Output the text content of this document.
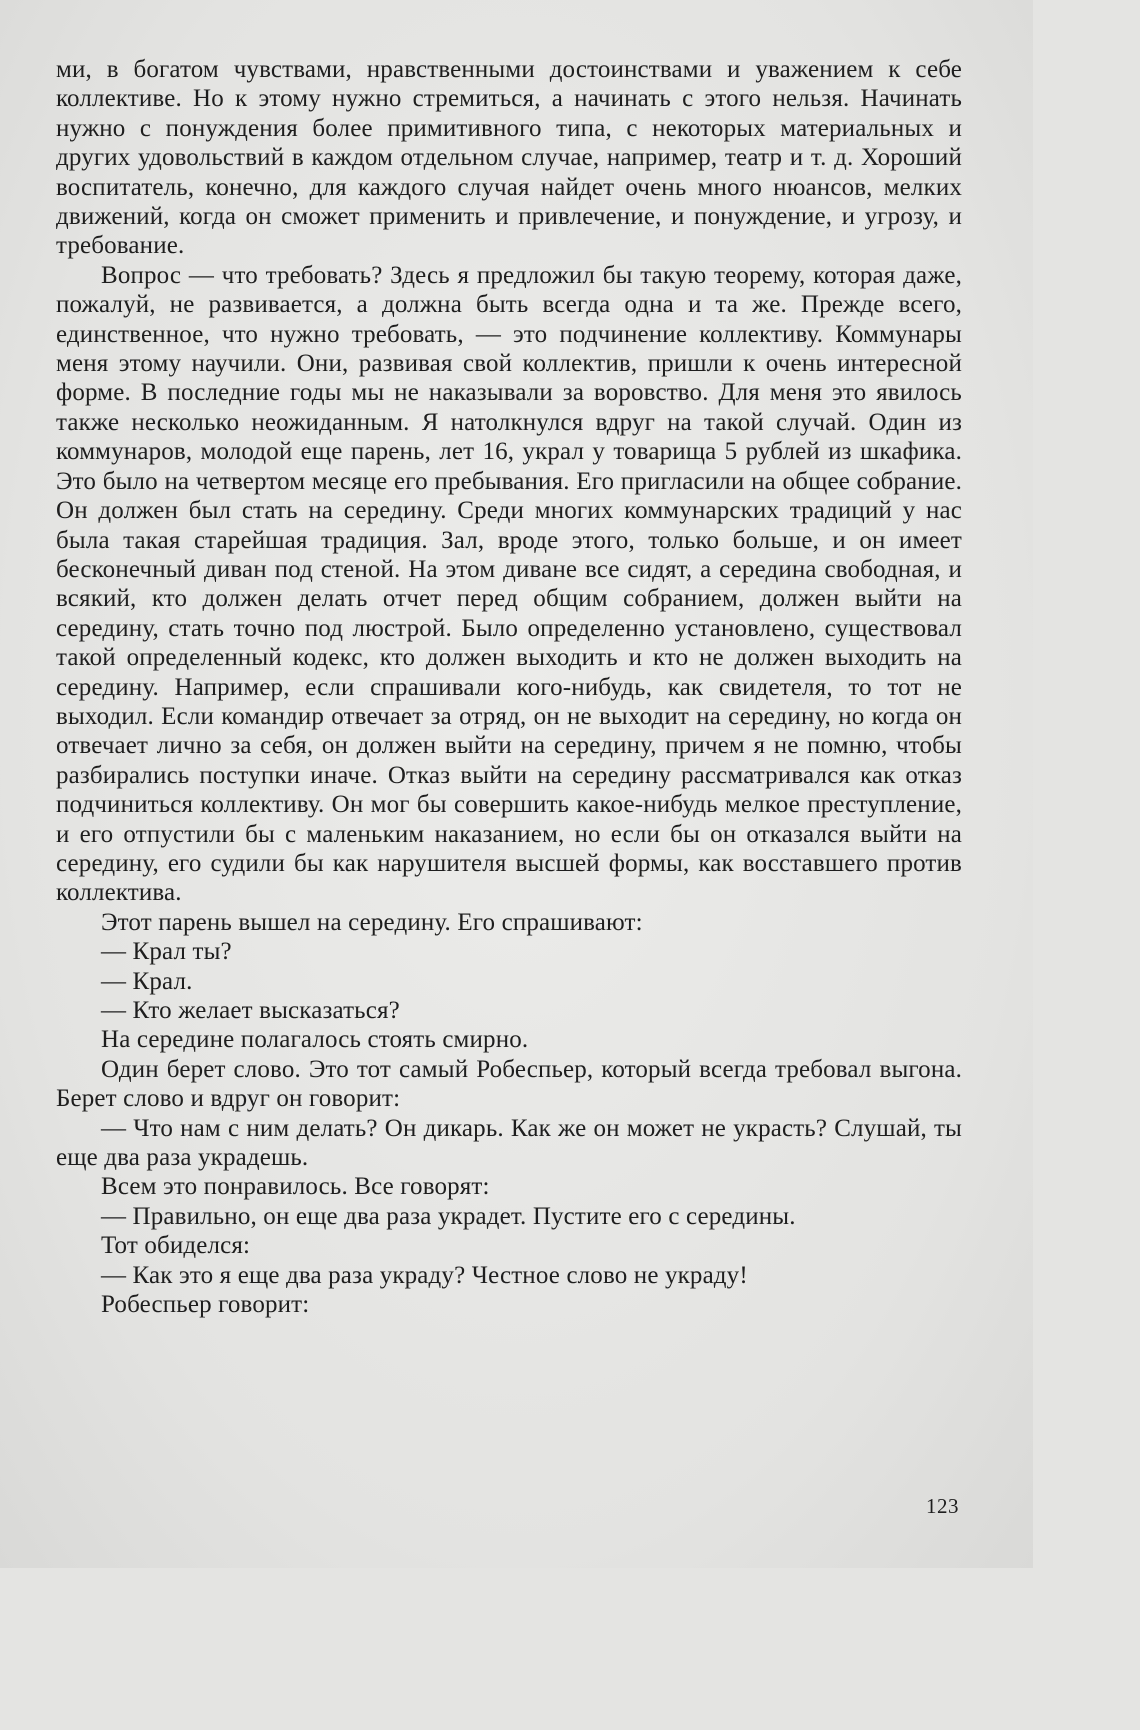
ми, в богатом чувствами, нравственными достоинствами и уважением к себе коллективе. Но к этому нужно стремиться, а начинать с этого нельзя. Начинать нужно с понуждения более примитивного типа, с некоторых материальных и других удовольствий в каждом отдельном случае, например, театр и т. д. Хороший воспитатель, конечно, для каждого случая найдет очень много нюансов, мелких движений, когда он сможет применить и привлечение, и понуждение, и угрозу, и требование.

Вопрос — что требовать? Здесь я предложил бы такую теорему, которая даже, пожалуй, не развивается, а должна быть всегда одна и та же. Прежде всего, единственное, что нужно требовать, — это подчинение коллективу. Коммунары меня этому научили. Они, развивая свой коллектив, пришли к очень интересной форме. В последние годы мы не наказывали за воровство. Для меня это явилось также несколько неожиданным. Я натолкнулся вдруг на такой случай. Один из коммунаров, молодой еще парень, лет 16, украл у товарища 5 рублей из шкафика. Это было на четвертом месяце его пребывания. Его пригласили на общее собрание. Он должен был стать на середину. Среди многих коммунарских традиций у нас была такая старейшая традиция. Зал, вроде этого, только больше, и он имеет бесконечный диван под стеной. На этом диване все сидят, а середина свободная, и всякий, кто должен делать отчет перед общим собранием, должен выйти на середину, стать точно под люстрой. Было определенно установлено, существовал такой определенный кодекс, кто должен выходить и кто не должен выходить на середину. Например, если спрашивали кого-нибудь, как свидетеля, то тот не выходил. Если командир отвечает за отряд, он не выходит на середину, но когда он отвечает лично за себя, он должен выйти на середину, причем я не помню, чтобы разбирались поступки иначе. Отказ выйти на середину рассматривался как отказ подчиниться коллективу. Он мог бы совершить какое-нибудь мелкое преступление, и его отпустили бы с маленьким наказанием, но если бы он отказался выйти на середину, его судили бы как нарушителя высшей формы, как восставшего против коллектива.

Этот парень вышел на середину. Его спрашивают:

— Крал ты?

— Крал.

— Кто желает высказаться?

На середине полагалось стоять смирно.

Один берет слово. Это тот самый Робеспьер, который всегда требовал выгона. Берет слово и вдруг он говорит:

— Что нам с ним делать? Он дикарь. Как же он может не украсть? Слушай, ты еще два раза украдешь.

Всем это понравилось. Все говорят:

— Правильно, он еще два раза украдет. Пустите его с середины.

Тот обиделся:

— Как это я еще два раза украду? Честное слово не украду!

Робеспьер говорит:

123
